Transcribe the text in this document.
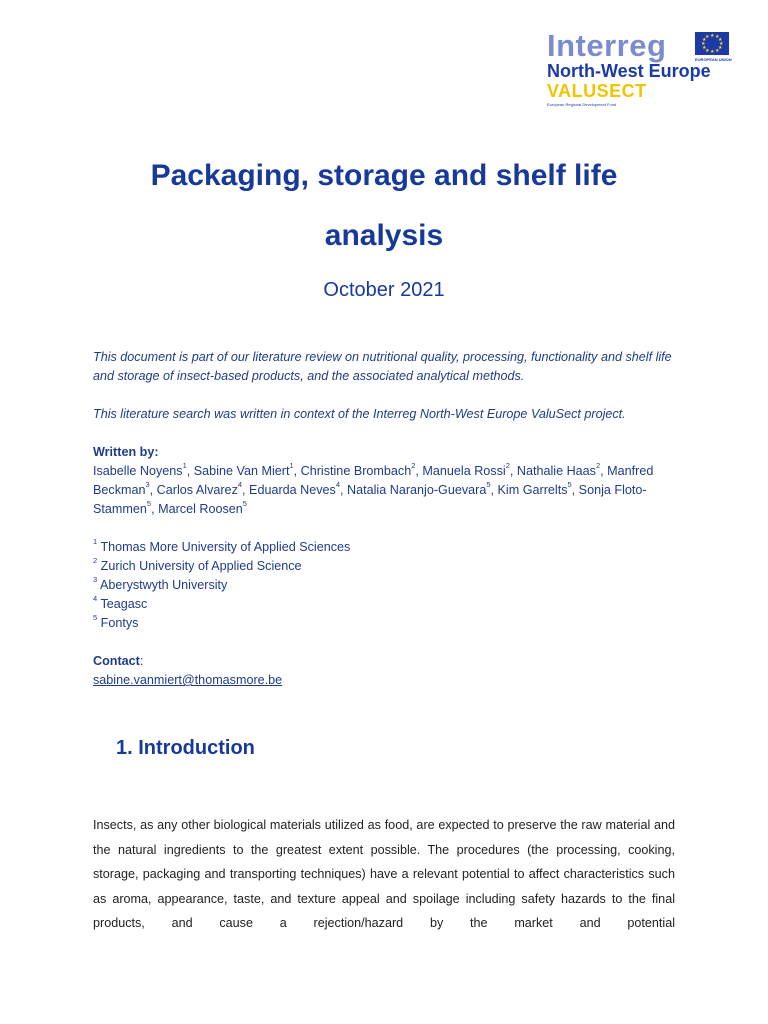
Interreg	★ ★
★
★
★
★
★
★
★
★
★
★
EUROPEAN UNION
North-West Europe
VALUSECT
European Regional Development Fund
Packaging, storage and shelf life
analysis
October 2021
This document is part of our literature review on nutritional quality, processing, functionality and shelf life and storage of insect-based products, and the associated analytical methods.
This literature search was written in context of the Interreg North-West Europe ValuSect project.
Written by:
Isabelle Noyens$^1$, Sabine Van Miert$^1$, Christine Brombach$^2$, Manuela Rossi$^2$, Nathalie Haas$^2$, Manfred Beckman$^3$, Carlos Alvarez$^4$, Eduarda Neves$^4$, Natalia Naranjo-Guevara$^5$, Kim Garrelts$^5$, Sonja Floto-Stammen$^5$, Marcel Roosen$^5$
$^1$ Thomas More University of Applied Sciences
$^2$ Zurich University of Applied Science
$^3$ Aberystwyth University
$^4$ Teagasc
$^5$ Fontys
Contact:
sabine.vanmiert@thomasmore.be
1. Introduction
Insects, as any other biological materials utilized as food, are expected to preserve the raw material and the natural ingredients to the greatest extent possible. The procedures (the processing, cooking, storage, packaging and transporting techniques) have a relevant potential to affect characteristics such as aroma, appearance, taste, and texture appeal and spoilage including safety hazards to the final products, and cause a rejection/hazard by the market and potential
